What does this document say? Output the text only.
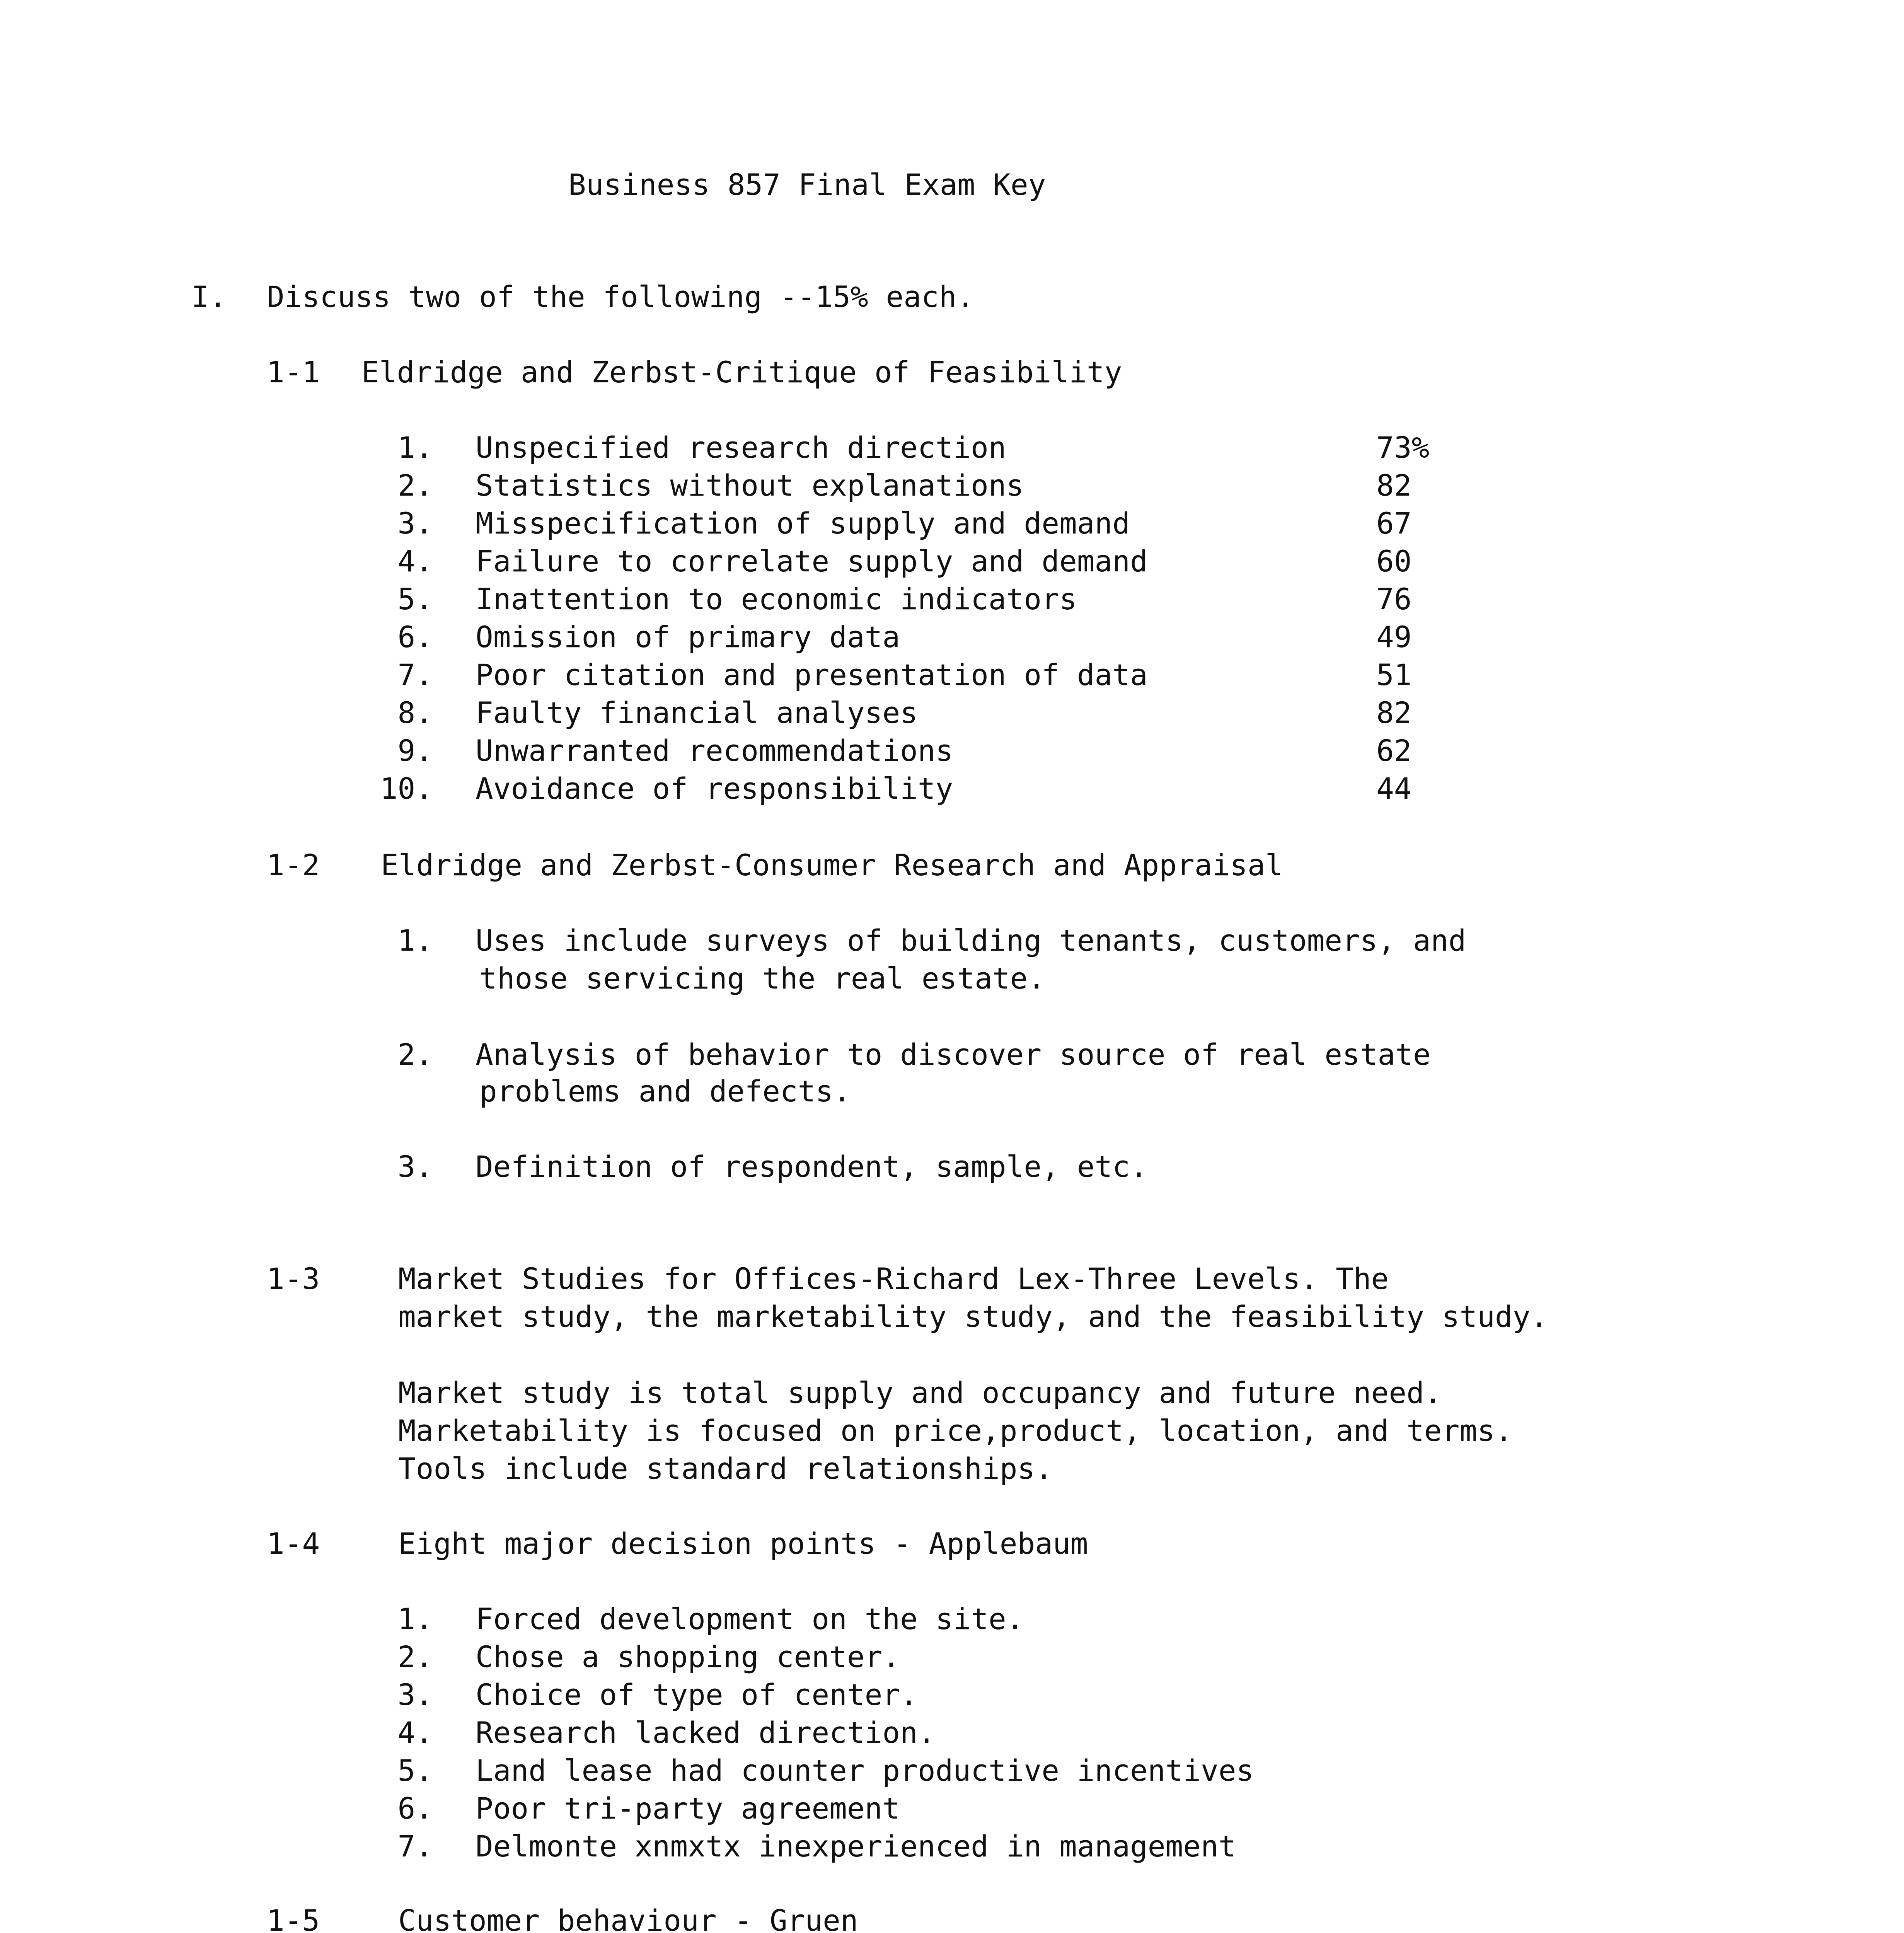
Business 857 Final Exam Key
I. Discuss two of the following --15% each.
1-1 Eldridge and Zerbst-Critique of Feasibility
1. Unspecified research direction	73%
2. Statistics without explanations	82
3. Misspecification of supply and demand	67
4. Failure to correlate supply and demand	60
5. Inattention to economic indicators	76
6. Omission of primary data	49
7. Poor citation and presentation of data	51
8. Faulty financial analyses	82
9. Unwarranted recommendations	62
10. Avoidance of responsibility	44
1-2 Eldridge and Zerbst-Consumer Research and Appraisal
1. Uses include surveys of building tenants, customers, and
those servicing the real estate.
2. Analysis of behavior to discover source of real estate
problems and defects.
3. Definition of respondent, sample, etc.
1-3	Market Studies for Offices-Richard Lex-Three Levels. The
market study, the marketability study, and the feasibility study.
Market study is total supply and occupancy and future need.
Marketability is focused on price,product, location, and terms.
Tools include standard relationships.
1-4	Eight major decision points - Applebaum
1. Forced development on the site.
2. Chose a shopping center.
3. Choice of type of center.
4. Research lacked direction.
5. Land lease had counter productive incentives
6. Poor tri-party agreement
7. Delmonte xnmxtx inexperienced in management
1-5	Customer behaviour - Gruen
